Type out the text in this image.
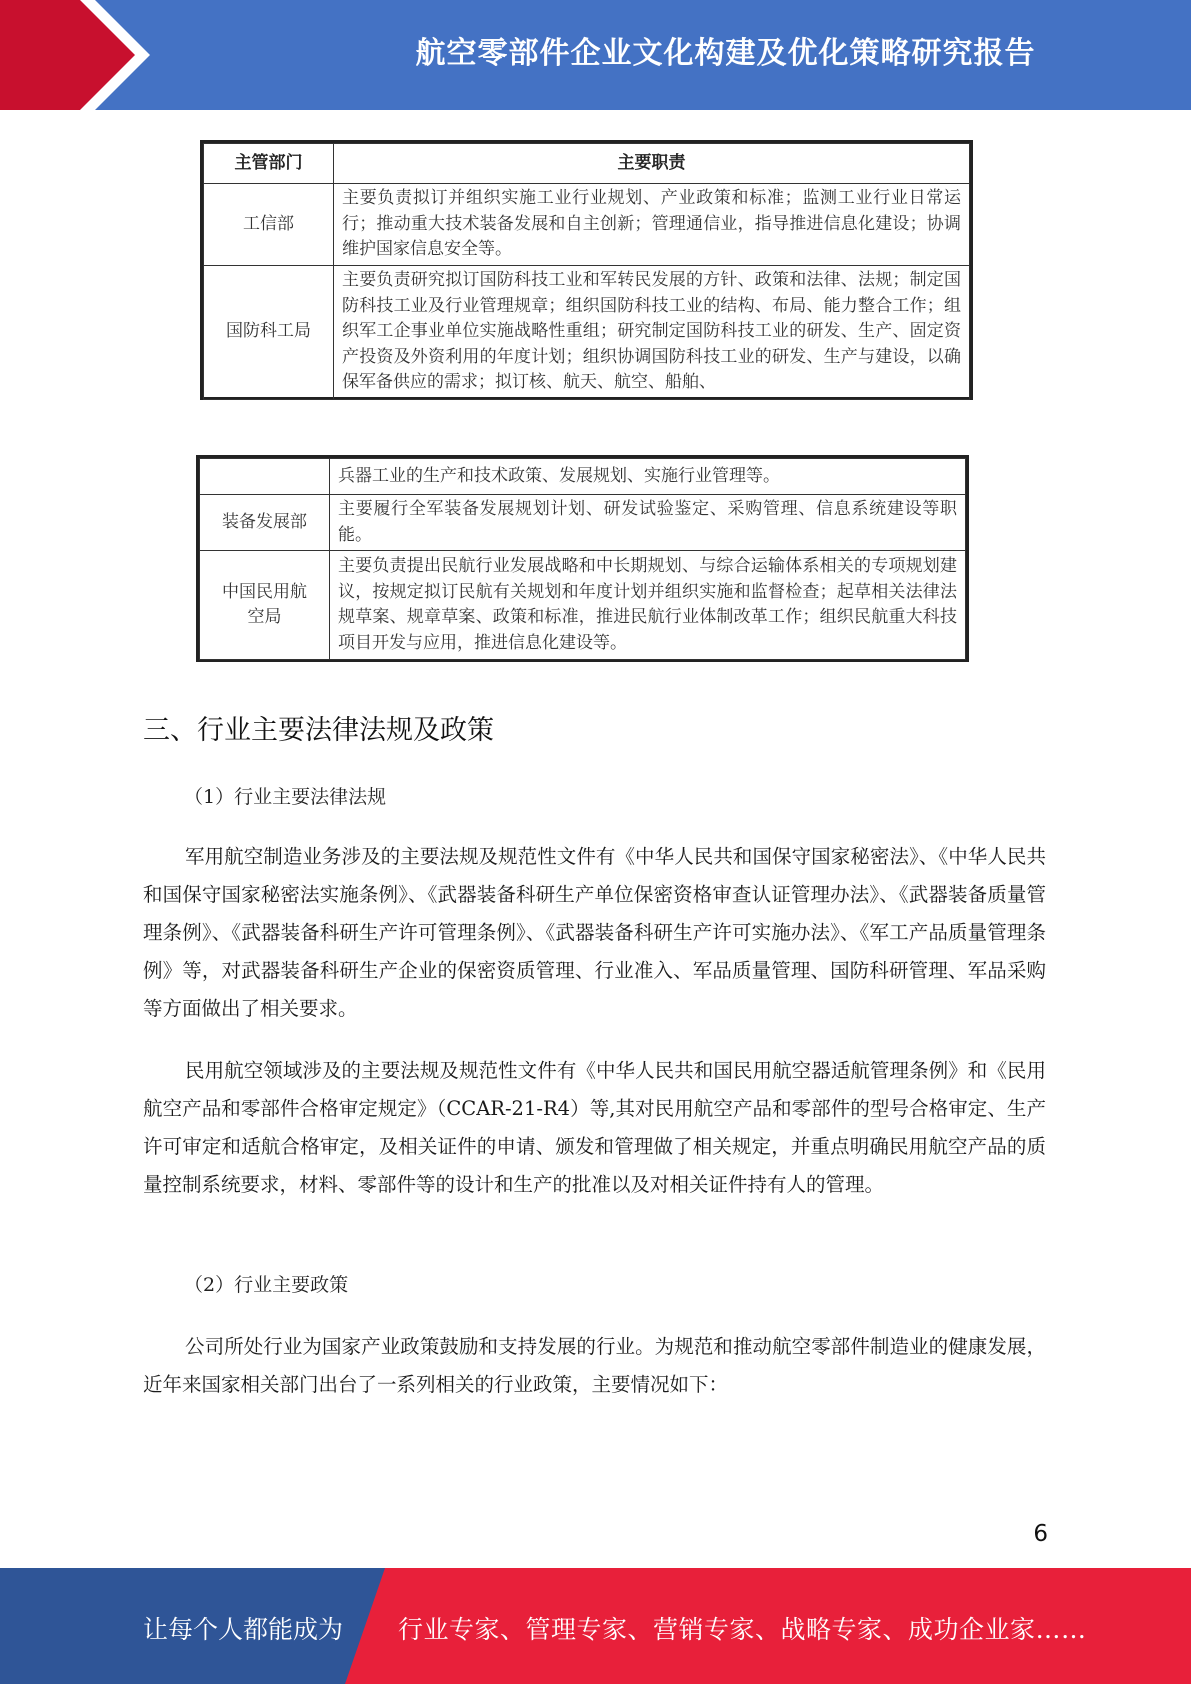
航空零部件企业文化构建及优化策略研究报告
主管部门	主要职责
工信部	主要负责拟订并组织实施工业行业规划、产业政策和标准；监测工业行业日常运行；推动重大技术装备发展和自主创新；管理通信业，指导推进信息化建设；协调维护国家信息安全等。
国防科工局	主要负责研究拟订国防科技工业和军转民发展的方针、政策和法律、法规；制定国防科技工业及行业管理规章；组织国防科技工业的结构、布局、能力整合工作；组织军工企事业单位实施战略性重组；研究制定国防科技工业的研发、生产、固定资产投资及外资利用的年度计划；组织协调国防科技工业的研发、生产与建设，以确保军备供应的需求；拟订核、航天、航空、船舶、
	兵器工业的生产和技术政策、发展规划、实施行业管理等。
装备发展部	主要履行全军装备发展规划计划、研发试验鉴定、采购管理、信息系统建设等职能。
中国民用航空局	主要负责提出民航行业发展战略和中长期规划、与综合运输体系相关的专项规划建议，按规定拟订民航有关规划和年度计划并组织实施和监督检查；起草相关法律法规草案、规章草案、政策和标准，推进民航行业体制改革工作；组织民航重大科技项目开发与应用，推进信息化建设等。
三、行业主要法律法规及政策
（1）行业主要法律法规

军用航空制造业务涉及的主要法规及规范性文件有《中华人民共和国保守国家秘密法》、《中华人民共和国保守国家秘密法实施条例》、《武器装备科研生产单位保密资格审查认证管理办法》、《武器装备质量管理条例》、《武器装备科研生产许可管理条例》、《武器装备科研生产许可实施办法》、《军工产品质量管理条例》等，对武器装备科研生产企业的保密资质管理、行业准入、军品质量管理、国防科研管理、军品采购等方面做出了相关要求。

民用航空领域涉及的主要法规及规范性文件有《中华人民共和国民用航空器适航管理条例》和《民用航空产品和零部件合格审定规定》（CCAR-21-R4）等,其对民用航空产品和零部件的型号合格审定、生产许可审定和适航合格审定，及相关证件的申请、颁发和管理做了相关规定，并重点明确民用航空产品的质量控制系统要求，材料、零部件等的设计和生产的批准以及对相关证件持有人的管理。

（2）行业主要政策

公司所处行业为国家产业政策鼓励和支持发展的行业。为规范和推动航空零部件制造业的健康发展，近年来国家相关部门出台了一系列相关的行业政策，主要情况如下：

6
让每个人都能成为 行业专家、管理专家、营销专家、战略专家、成功企业家……
